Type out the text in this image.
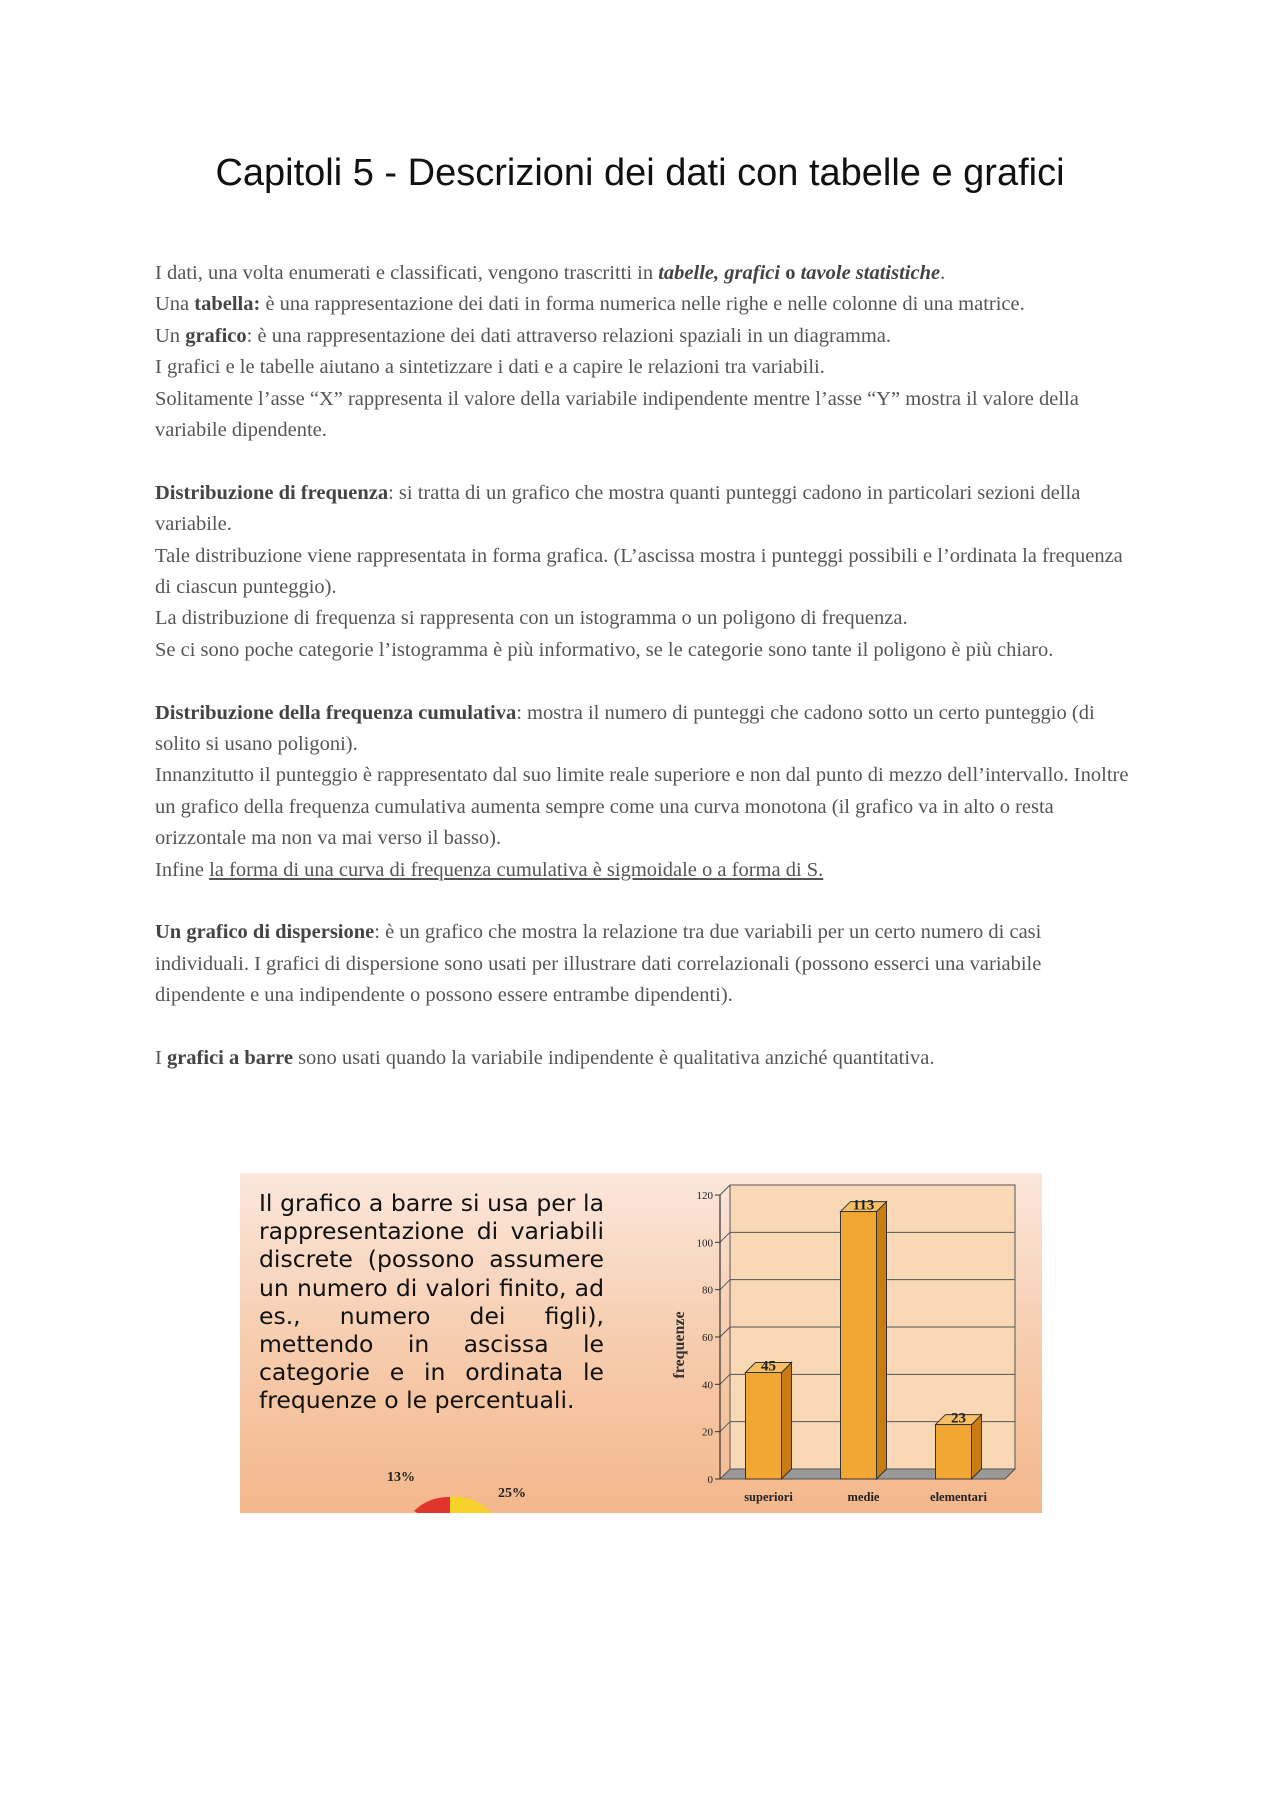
Capitoli 5 - Descrizioni dei dati con tabelle e grafici

I dati, una volta enumerati e classificati, vengono trascritti in tabelle, grafici o tavole statistiche.

Una tabella: è una rappresentazione dei dati in forma numerica nelle righe e nelle colonne di una matrice.

Un grafico: è una rappresentazione dei dati attraverso relazioni spaziali in un diagramma.

I grafici e le tabelle aiutano a sintetizzare i dati e a capire le relazioni tra variabili.

Solitamente l’asse “X” rappresenta il valore della variabile indipendente mentre l’asse “Y” mostra il valore della variabile dipendente.

Distribuzione di frequenza: si tratta di un grafico che mostra quanti punteggi cadono in particolari sezioni della variabile.

Tale distribuzione viene rappresentata in forma grafica. (L’ascissa mostra i punteggi possibili e l’ordinata la frequenza di ciascun punteggio).

La distribuzione di frequenza si rappresenta con un istogramma o un poligono di frequenza.

Se ci sono poche categorie l’istogramma è più informativo, se le categorie sono tante il poligono è più chiaro.

Distribuzione della frequenza cumulativa: mostra il numero di punteggi che cadono sotto un certo punteggio (di solito si usano poligoni).

Innanzitutto il punteggio è rappresentato dal suo limite reale superiore e non dal punto di mezzo dell’intervallo. Inoltre un grafico della frequenza cumulativa aumenta sempre come una curva monotona (il grafico va in alto o resta orizzontale ma non va mai verso il basso).

Infine la forma di una curva di frequenza cumulativa è sigmoidale o a forma di S.

Un grafico di dispersione: è un grafico che mostra la relazione tra due variabili per un certo numero di casi individuali. I grafici di dispersione sono usati per illustrare dati correlazionali (possono esserci una variabile dipendente e una indipendente o possono essere entrambe dipendenti).

I grafici a barre sono usati quando la variabile indipendente è qualitativa anziché quantitativa.

Il grafico a barre si usa per la rappresentazione di variabili discrete (possono assumere un numero di valori finito, ad es., numero dei figli), mettendo in ascissa le categorie e in ordinata le frequenze o le percentuali.

13%
25%
0
20
40
60
80
100
120
frequenze	45
superiori
113
medie
23
elementari
